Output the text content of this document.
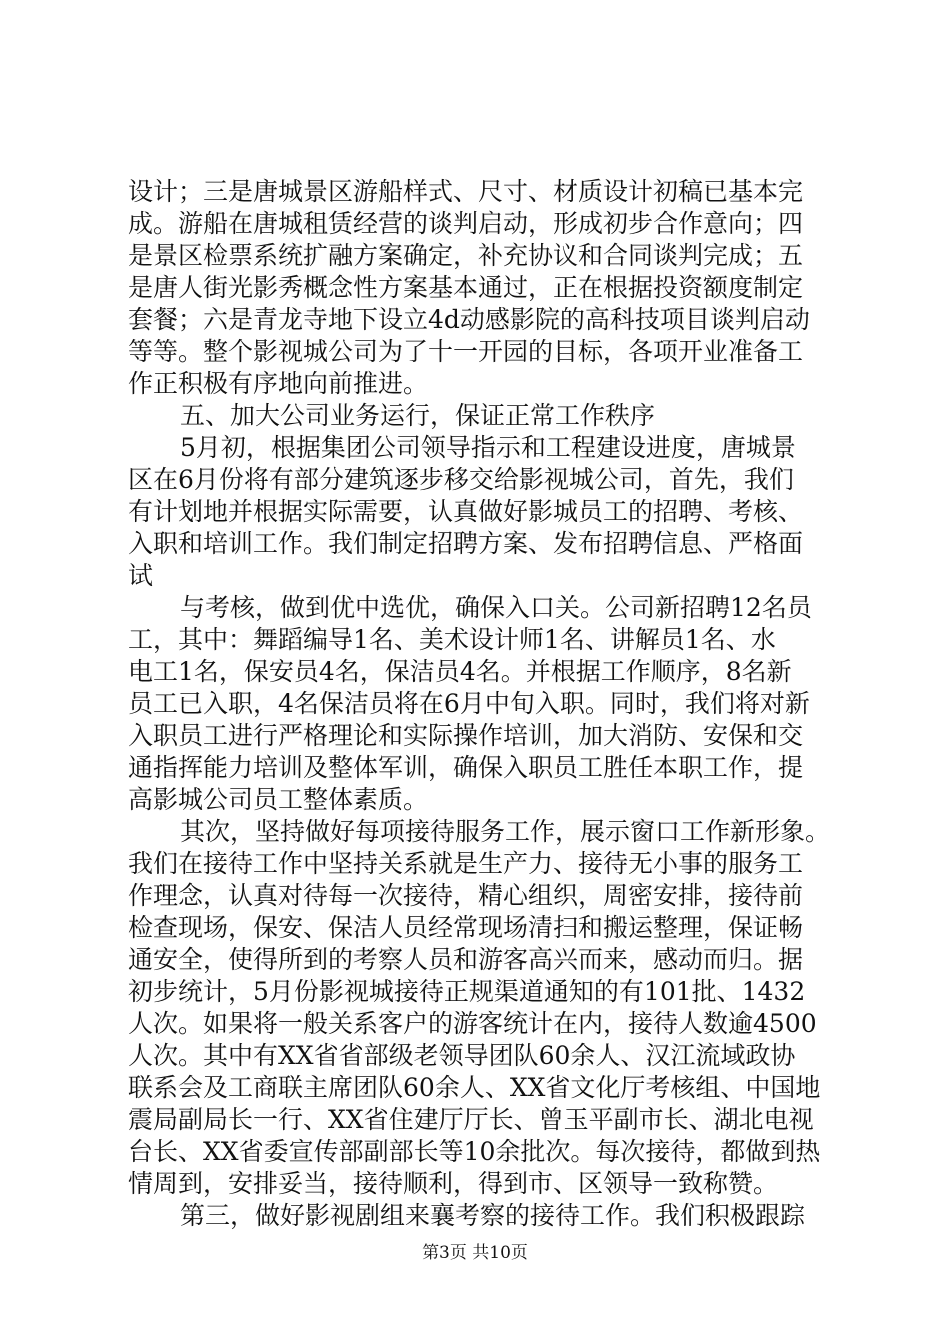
设计；三是唐城景区游船样式、尺寸、材质设计初稿已基本完
成。游船在唐城租赁经营的谈判启动，形成初步合作意向；四
是景区检票系统扩融方案确定，补充协议和合同谈判完成；五
是唐人街光影秀概念性方案基本通过，正在根据投资额度制定
套餐；六是青龙寺地下设立4d动感影院的高科技项目谈判启动
等等。整个影视城公司为了十一开园的目标，各项开业准备工
作正积极有序地向前推进。
五、加大公司业务运行，保证正常工作秩序
5月初，根据集团公司领导指示和工程建设进度，唐城景
区在6月份将有部分建筑逐步移交给影视城公司，首先，我们
有计划地并根据实际需要，认真做好影城员工的招聘、考核、
入职和培训工作。我们制定招聘方案、发布招聘信息、严格面
试
与考核，做到优中选优，确保入口关。公司新招聘12名员
工，其中：舞蹈编导1名、美术设计师1名、讲解员1名、水
电工1名，保安员4名，保洁员4名。并根据工作顺序，8名新
员工已入职，4名保洁员将在6月中旬入职。同时，我们将对新
入职员工进行严格理论和实际操作培训，加大消防、安保和交
通指挥能力培训及整体军训，确保入职员工胜任本职工作，提
高影城公司员工整体素质。
其次，坚持做好每项接待服务工作，展示窗口工作新形象。
我们在接待工作中坚持关系就是生产力、接待无小事的服务工
作理念，认真对待每一次接待，精心组织，周密安排，接待前
检查现场，保安、保洁人员经常现场清扫和搬运整理，保证畅
通安全，使得所到的考察人员和游客高兴而来，感动而归。据
初步统计，5月份影视城接待正规渠道通知的有101批、1432
人次。如果将一般关系客户的游客统计在内，接待人数逾4500
人次。其中有XX省省部级老领导团队60余人、汉江流域政协
联系会及工商联主席团队60余人、XX省文化厅考核组、中国地
震局副局长一行、XX省住建厅厅长、曾玉平副市长、湖北电视
台长、XX省委宣传部副部长等10余批次。每次接待，都做到热
情周到，安排妥当，接待顺利，得到市、区领导一致称赞。
第三，做好影视剧组来襄考察的接待工作。我们积极跟踪
第3页 共10页
